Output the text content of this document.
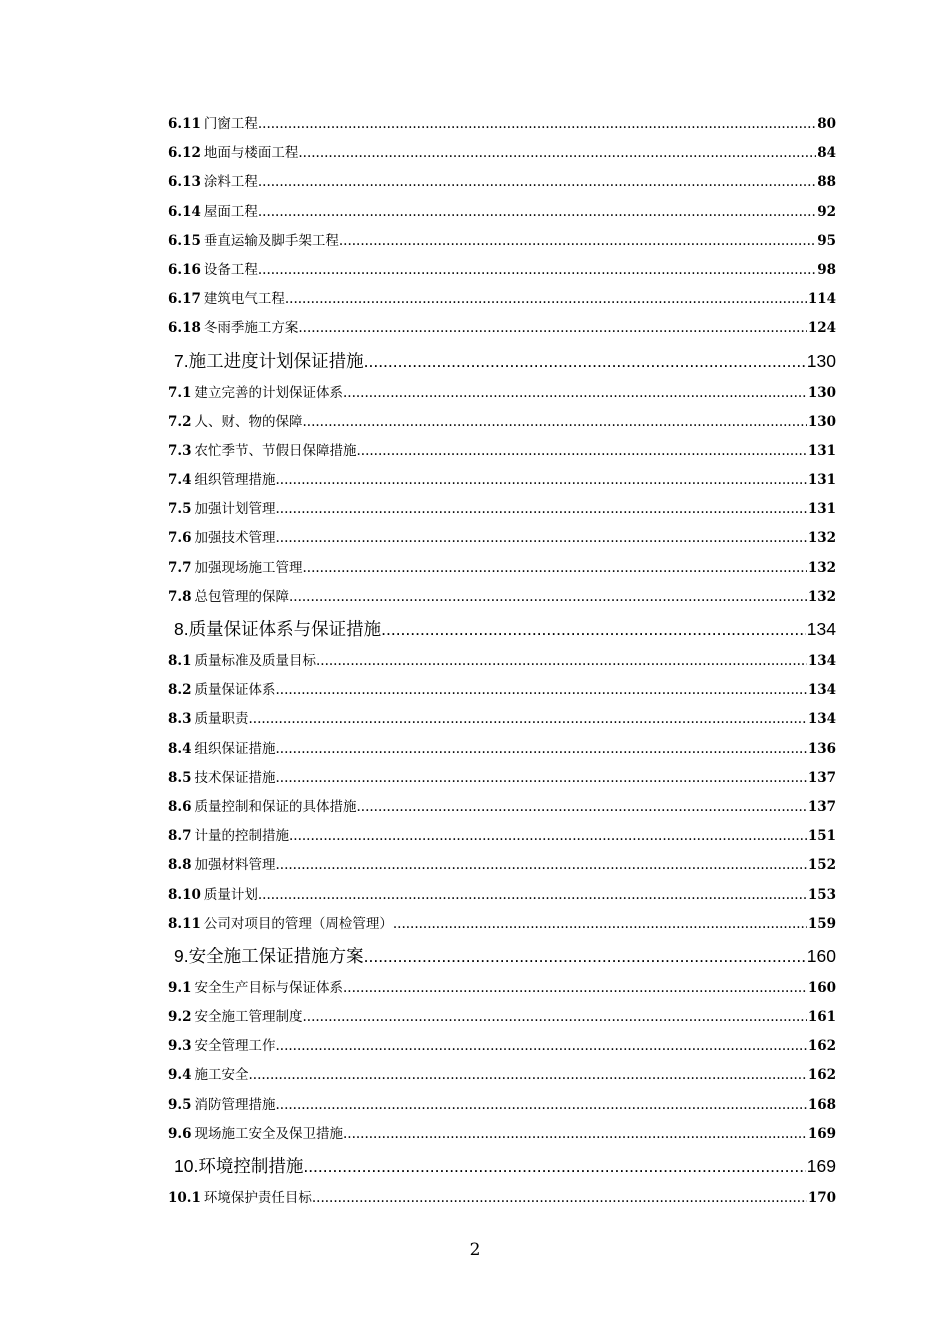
6.11 门窗工程 .....	80
6.12 地面与楼面工程 .....	84
6.13 涂料工程 .....	88
6.14 屋面工程 .....	92
6.15 垂直运输及脚手架工程 .....	95
6.16 设备工程 .....	98
6.17 建筑电气工程 .....	114
6.18 冬雨季施工方案 .....	124
7. 施工进度计划保证措施 .....	130
7.1 建立完善的计划保证体系 .....	130
7.2 人、财、物的保障 .....	130
7.3 农忙季节、节假日保障措施 .....	131
7.4 组织管理措施 .....	131
7.5 加强计划管理 .....	131
7.6 加强技术管理 .....	132
7.7 加强现场施工管理 .....	132
7.8 总包管理的保障 .....	132
8. 质量保证体系与保证措施 .....	134
8.1 质量标准及质量目标 .....	134
8.2 质量保证体系 .....	134
8.3 质量职责 .....	134
8.4 组织保证措施 .....	136
8.5 技术保证措施 .....	137
8.6 质量控制和保证的具体措施 .....	137
8.7 计量的控制措施 .....	151
8.8 加强材料管理 .....	152
8.10 质量计划 .....	153
8.11 公司对项目的管理（周检管理） .....	159
9. 安全施工保证措施方案 .....	160
9.1 安全生产目标与保证体系 .....	160
9.2 安全施工管理制度 .....	161
9.3 安全管理工作 .....	162
9.4 施工安全 .....	162
9.5 消防管理措施 .....	168
9.6 现场施工安全及保卫措施 .....	169
10. 环境控制措施 .....	169
10.1 环境保护责任目标 .....	170
2
